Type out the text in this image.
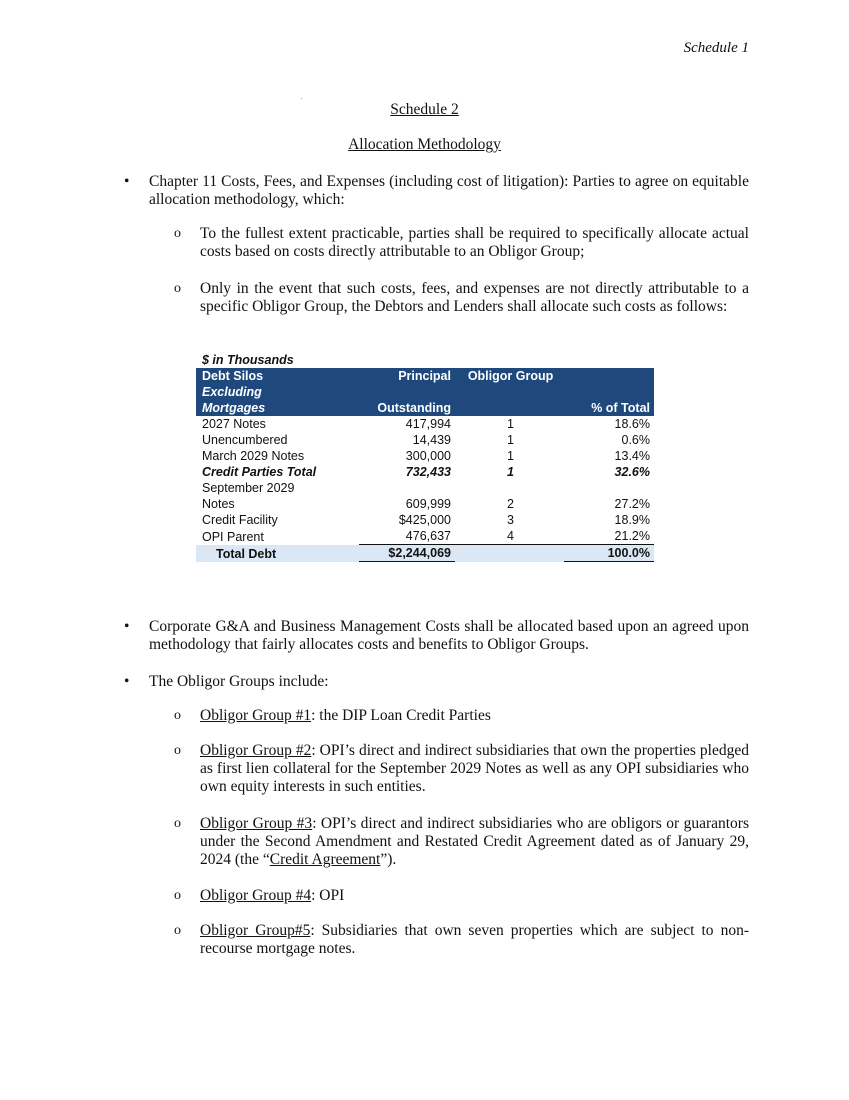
Schedule 1
Schedule 2
Allocation Methodology
• Chapter 11 Costs, Fees, and Expenses (including cost of litigation): Parties to agree on equitable allocation methodology, which:
o To the fullest extent practicable, parties shall be required to specifically allocate actual costs based on costs directly attributable to an Obligor Group;
o Only in the event that such costs, fees, and expenses are not directly attributable to a specific Obligor Group, the Debtors and Lenders shall allocate such costs as follows:
$ in Thousands
Debt Silos	Principal	Obligor Group	
Excluding			
Mortgages	Outstanding		% of Total
2027 Notes	417,994	1	18.6%
Unencumbered	14,439	1	0.6%
March 2029 Notes	300,000	1	13.4%
Credit Parties Total	732,433	1	32.6%
September 2029			
Notes	609,999	2	27.2%
Credit Facility	$425,000	3	18.9%
OPI Parent	476,637	4	21.2%
Total Debt	$2,244,069		100.0%
• Corporate G&A and Business Management Costs shall be allocated based upon an agreed upon methodology that fairly allocates costs and benefits to Obligor Groups.
• The Obligor Groups include:
o Obligor Group #1: the DIP Loan Credit Parties
o Obligor Group #2: OPI’s direct and indirect subsidiaries that own the properties pledged as first lien collateral for the September 2029 Notes as well as any OPI subsidiaries who own equity interests in such entities.
o Obligor Group #3: OPI’s direct and indirect subsidiaries who are obligors or guarantors under the Second Amendment and Restated Credit Agreement dated as of January 29, 2024 (the “Credit Agreement”).
o Obligor Group #4: OPI
o Obligor Group#5: Subsidiaries that own seven properties which are subject to non-recourse mortgage notes.
